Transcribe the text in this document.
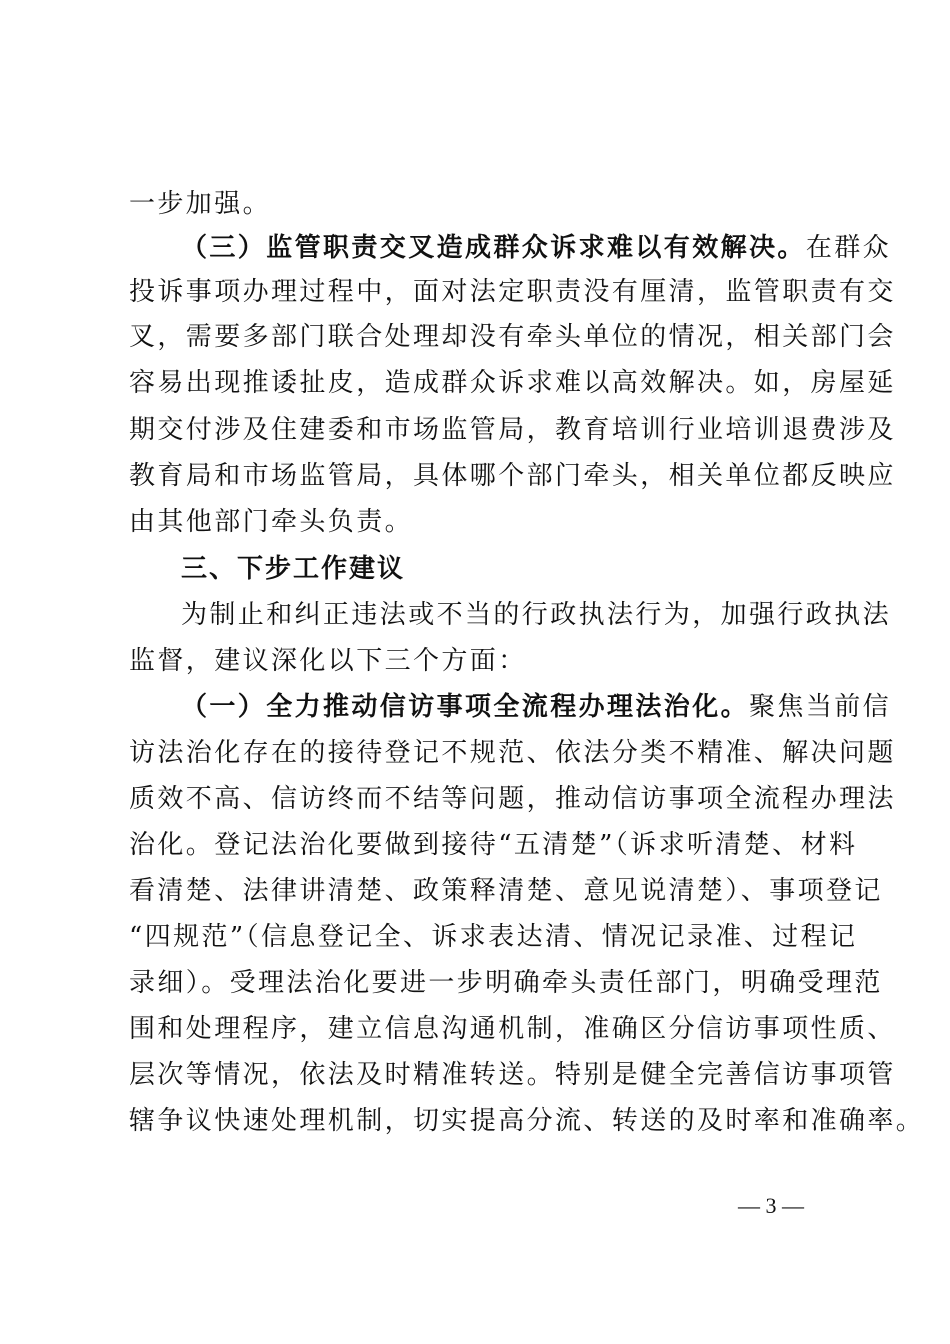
一步加强。
（三）监管职责交叉造成群众诉求难以有效解决。在群众
投诉事项办理过程中，面对法定职责没有厘清，监管职责有交
叉，需要多部门联合处理却没有牵头单位的情况，相关部门会
容易出现推诿扯皮，造成群众诉求难以高效解决。如，房屋延
期交付涉及住建委和市场监管局，教育培训行业培训退费涉及
教育局和市场监管局，具体哪个部门牵头，相关单位都反映应
由其他部门牵头负责。
三、下步工作建议
为制止和纠正违法或不当的行政执法行为，加强行政执法
监督，建议深化以下三个方面：
（一）全力推动信访事项全流程办理法治化。聚焦当前信
访法治化存在的接待登记不规范、依法分类不精准、解决问题
质效不高、信访终而不结等问题，推动信访事项全流程办理法
治化。登记法治化要做到接待“五清楚”（诉求听清楚、材料
看清楚、法律讲清楚、政策释清楚、意见说清楚）、事项登记
“四规范”（信息登记全、诉求表达清、情况记录准、过程记
录细）。受理法治化要进一步明确牵头责任部门，明确受理范
围和处理程序，建立信息沟通机制，准确区分信访事项性质、
层次等情况，依法及时精准转送。特别是健全完善信访事项管
辖争议快速处理机制，切实提高分流、转送的及时率和准确率。
— 3 —
